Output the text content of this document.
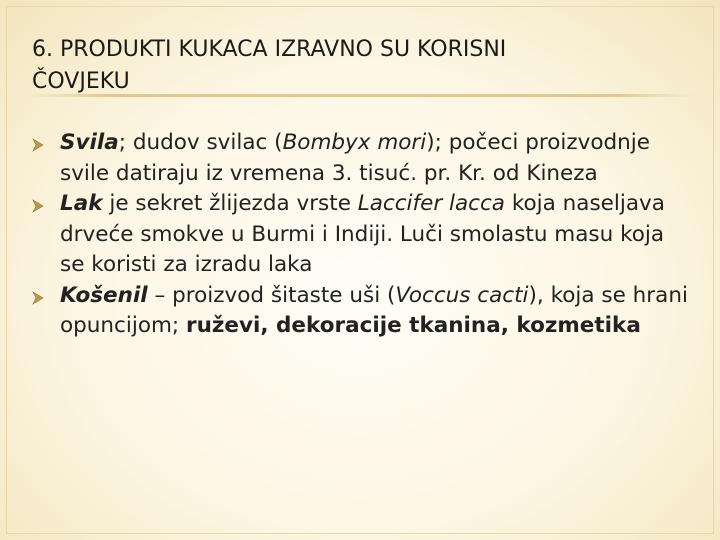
6. PRODUKTI KUKACA IZRAVNO SU KORISNI
ČOVJEKU

Svila; dudov svilac (Bombyx mori); počeci proizvodnje svile datiraju iz vremena 3. tisuć. pr. Kr. od Kineza

Lak je sekret žlijezda vrste Laccifer lacca koja naseljava drveće smokve u Burmi i Indiji. Luči smolastu masu koja se koristi za izradu laka

Košenil – proizvod šitaste uši (Voccus cacti), koja se hrani opuncijom; ruževi, dekoracije tkanina, kozmetika
